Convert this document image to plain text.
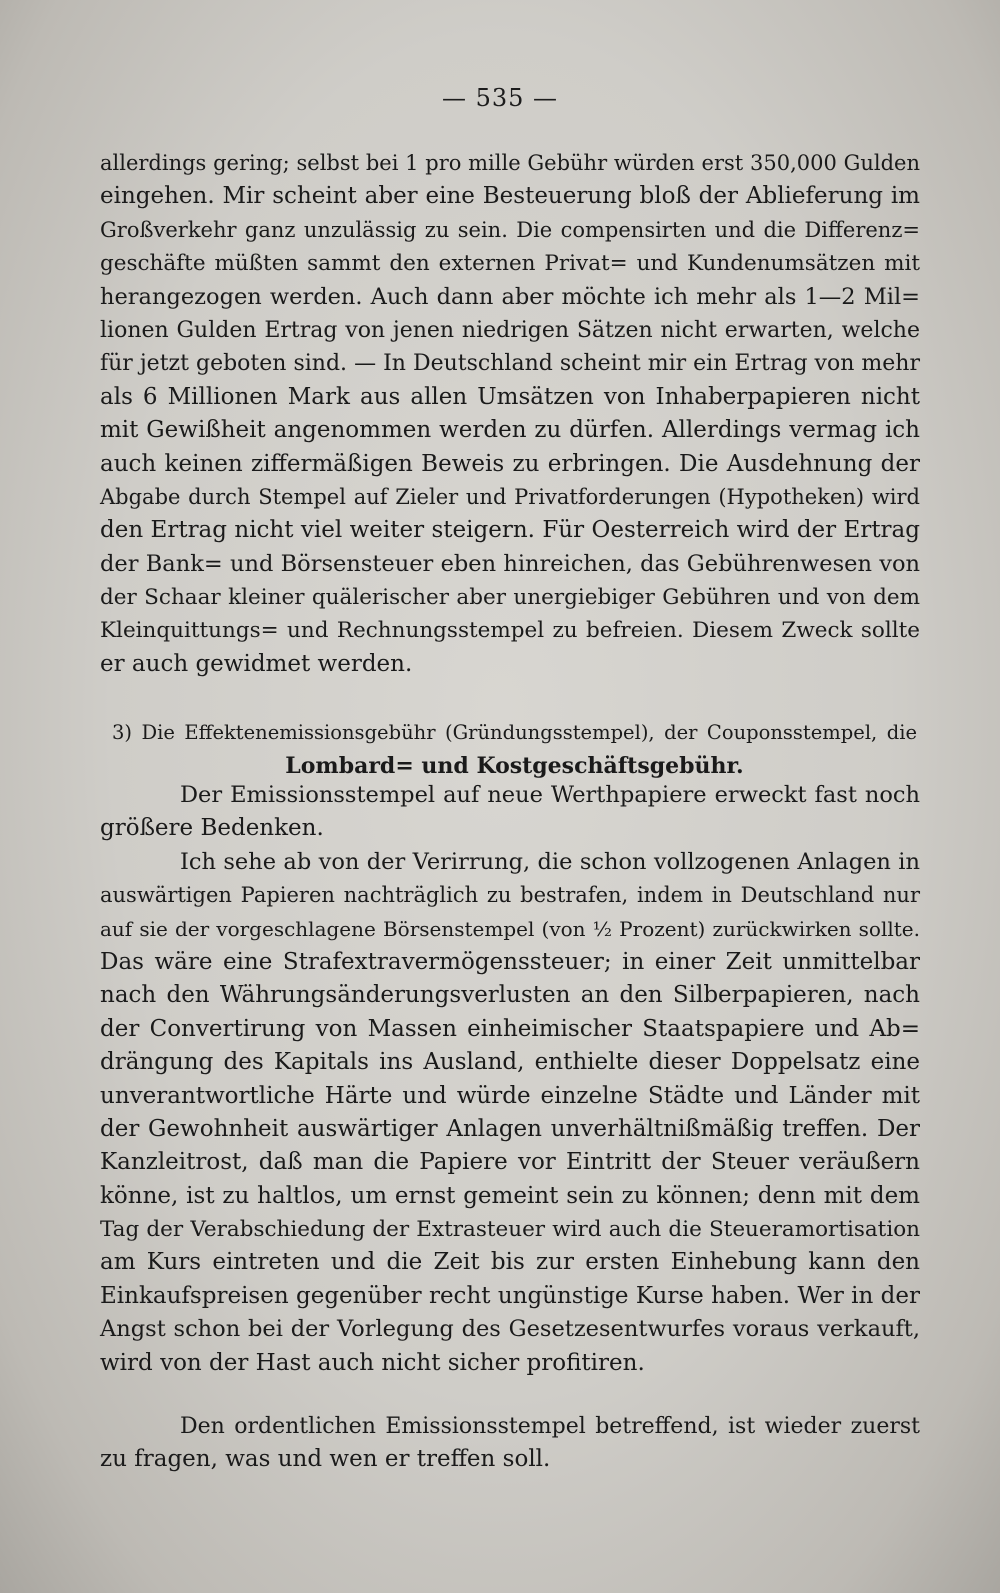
— 535 —
allerdings gering; selbst bei 1 pro mille Gebühr würden erst 350,000 Gulden
eingehen. Mir scheint aber eine Besteuerung bloß der Ablieferung im
Großverkehr ganz unzulässig zu sein. Die compensirten und die Differenz=
geschäfte müßten sammt den externen Privat= und Kundenumsätzen mit
herangezogen werden. Auch dann aber möchte ich mehr als 1—2 Mil=
lionen Gulden Ertrag von jenen niedrigen Sätzen nicht erwarten, welche
für jetzt geboten sind. — In Deutschland scheint mir ein Ertrag von mehr
als 6 Millionen Mark aus allen Umsätzen von Inhaberpapieren nicht
mit Gewißheit angenommen werden zu dürfen. Allerdings vermag ich
auch keinen ziffermäßigen Beweis zu erbringen. Die Ausdehnung der
Abgabe durch Stempel auf Zieler und Privatforderungen (Hypotheken) wird
den Ertrag nicht viel weiter steigern. Für Oesterreich wird der Ertrag
der Bank= und Börsensteuer eben hinreichen, das Gebührenwesen von
der Schaar kleiner quälerischer aber unergiebiger Gebühren und von dem
Kleinquittungs= und Rechnungsstempel zu befreien. Diesem Zweck sollte
er auch gewidmet werden.
3) Die Effektenemissionsgebühr (Gründungsstempel), der Couponsstempel, die
Lombard= und Kostgeschäftsgebühr.
Der Emissionsstempel auf neue Werthpapiere erweckt fast noch
größere Bedenken.
Ich sehe ab von der Verirrung, die schon vollzogenen Anlagen in
auswärtigen Papieren nachträglich zu bestrafen, indem in Deutschland nur
auf sie der vorgeschlagene Börsenstempel (von ½ Prozent) zurückwirken sollte.
Das wäre eine Strafextravermögenssteuer; in einer Zeit unmittelbar
nach den Währungsänderungsverlusten an den Silberpapieren, nach
der Convertirung von Massen einheimischer Staatspapiere und Ab=
drängung des Kapitals ins Ausland, enthielte dieser Doppelsatz eine
unverantwortliche Härte und würde einzelne Städte und Länder mit
der Gewohnheit auswärtiger Anlagen unverhältnißmäßig treffen. Der
Kanzleitrost, daß man die Papiere vor Eintritt der Steuer veräußern
könne, ist zu haltlos, um ernst gemeint sein zu können; denn mit dem
Tag der Verabschiedung der Extrasteuer wird auch die Steueramortisation
am Kurs eintreten und die Zeit bis zur ersten Einhebung kann den
Einkaufspreisen gegenüber recht ungünstige Kurse haben. Wer in der
Angst schon bei der Vorlegung des Gesetzesentwurfes voraus verkauft,
wird von der Hast auch nicht sicher profitiren.
Den ordentlichen Emissionsstempel betreffend, ist wieder zuerst
zu fragen, was und wen er treffen soll.
